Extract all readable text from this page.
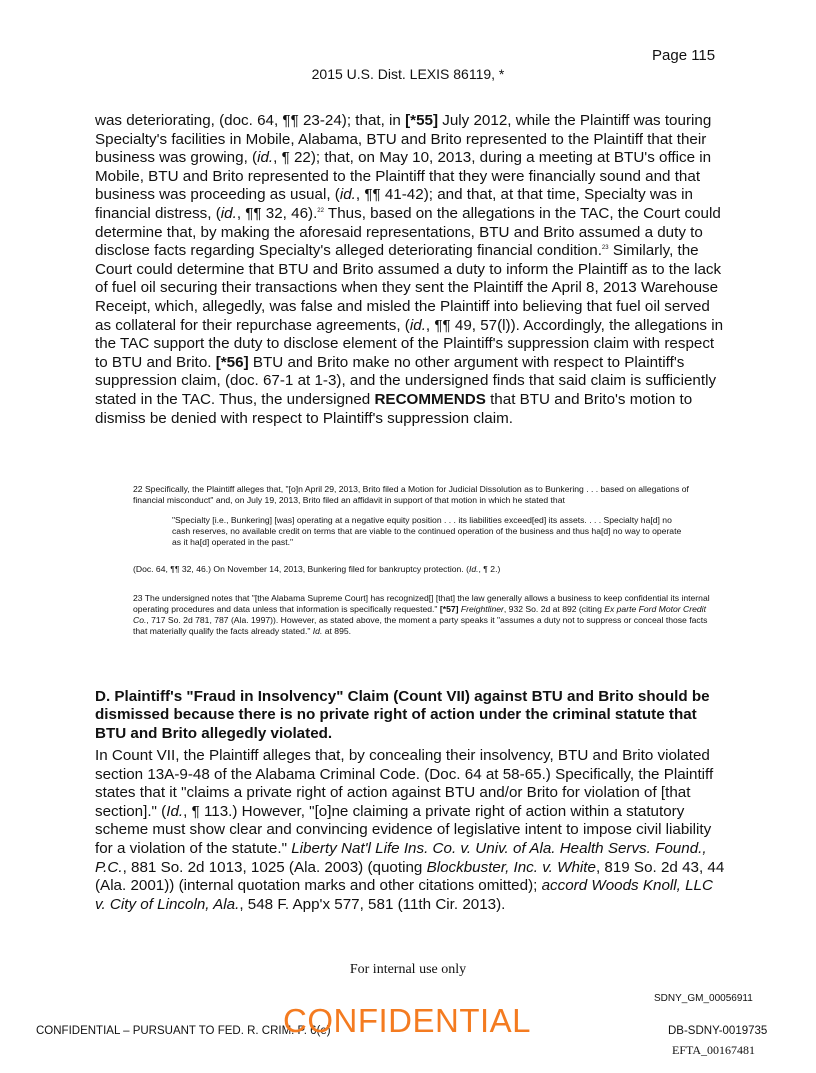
Page 115
2015 U.S. Dist. LEXIS 86119, *
was deteriorating, (doc. 64, ¶¶ 23-24); that, in [*55] July 2012, while the Plaintiff was touring Specialty's facilities in Mobile, Alabama, BTU and Brito represented to the Plaintiff that their business was growing, (id., ¶ 22); that, on May 10, 2013, during a meeting at BTU's office in Mobile, BTU and Brito represented to the Plaintiff that they were financially sound and that business was proceeding as usual, (id., ¶¶ 41-42); and that, at that time, Specialty was in financial distress, (id., ¶¶ 32, 46).$^{22}$ Thus, based on the allegations in the TAC, the Court could determine that, by making the aforesaid representations, BTU and Brito assumed a duty to disclose facts regarding Specialty's alleged deteriorating financial condition.$^{23}$ Similarly, the Court could determine that BTU and Brito assumed a duty to inform the Plaintiff as to the lack of fuel oil securing their transactions when they sent the Plaintiff the April 8, 2013 Warehouse Receipt, which, allegedly, was false and misled the Plaintiff into believing that fuel oil served as collateral for their repurchase agreements, (id., ¶¶ 49, 57(l)). Accordingly, the allegations in the TAC support the duty to disclose element of the Plaintiff's suppression claim with respect to BTU and Brito. [*56] BTU and Brito make no other argument with respect to Plaintiff's suppression claim, (doc. 67-1 at 1-3), and the undersigned finds that said claim is sufficiently stated in the TAC. Thus, the undersigned RECOMMENDS that BTU and Brito's motion to dismiss be denied with respect to Plaintiff's suppression claim.
22 Specifically, the Plaintiff alleges that, "[o]n April 29, 2013, Brito filed a Motion for Judicial Dissolution as to Bunkering . . . based on allegations of financial misconduct" and, on July 19, 2013, Brito filed an affidavit in support of that motion in which he stated that
"Specialty [i.e., Bunkering] [was] operating at a negative equity position . . . its liabilities exceed[ed] its assets. . . . Specialty ha[d] no cash reserves, no available credit on terms that are viable to the continued operation of the business and thus ha[d] no way to operate as it ha[d] operated in the past."
(Doc. 64, ¶¶ 32, 46.) On November 14, 2013, Bunkering filed for bankruptcy protection. (Id., ¶ 2.)
23 The undersigned notes that "[the Alabama Supreme Court] has recognized[] [that] the law generally allows a business to keep confidential its internal operating procedures and data unless that information is specifically requested." [*57] Freightliner, 932 So. 2d at 892 (citing Ex parte Ford Motor Credit Co., 717 So. 2d 781, 787 (Ala. 1997)). However, as stated above, the moment a party speaks it "assumes a duty not to suppress or conceal those facts that materially qualify the facts already stated." Id. at 895.
D. Plaintiff's "Fraud in Insolvency" Claim (Count VII) against BTU and Brito should be dismissed because there is no private right of action under the criminal statute that BTU and Brito allegedly violated.
In Count VII, the Plaintiff alleges that, by concealing their insolvency, BTU and Brito violated section 13A-9-48 of the Alabama Criminal Code. (Doc. 64 at 58-65.) Specifically, the Plaintiff states that it "claims a private right of action against BTU and/or Brito for violation of [that section]." (Id., ¶ 113.) However, "[o]ne claiming a private right of action within a statutory scheme must show clear and convincing evidence of legislative intent to impose civil liability for a violation of the statute." Liberty Nat'l Life Ins. Co. v. Univ. of Ala. Health Servs. Found., P.C., 881 So. 2d 1013, 1025 (Ala. 2003) (quoting Blockbuster, Inc. v. White, 819 So. 2d 43, 44 (Ala. 2001)) (internal quotation marks and other citations omitted); accord Woods Knoll, LLC v. City of Lincoln, Ala., 548 F. App'x 577, 581 (11th Cir. 2013).
For internal use only
SDNY_GM_00056911
CONFIDENTIAL – PURSUANT TO FED. R. CRIM. P. 6(e)
CONFIDENTIAL	DB-SDNY-0019735
EFTA_00167481
